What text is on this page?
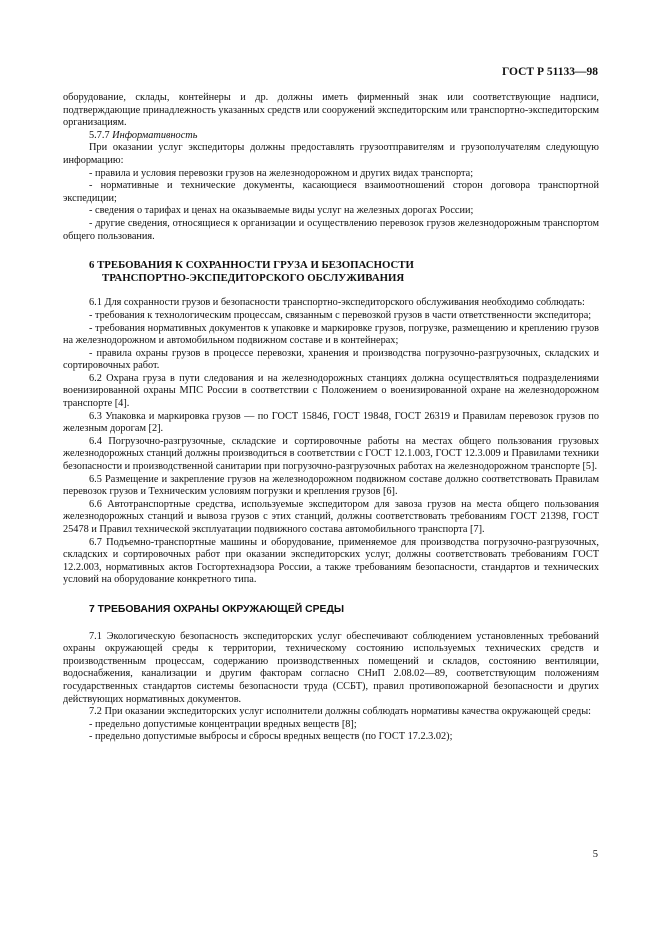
ГОСТ Р 51133—98

оборудование, склады, контейнеры и др. должны иметь фирменный знак или соответствующие надписи, подтверждающие принадлежность указанных средств или сооружений экспедиторским или транспортно-экспедиторским организациям.

5.7.7 Информативность

При оказании услуг экспедиторы должны предоставлять грузоотправителям и грузополучателям следующую информацию:

- правила и условия перевозки грузов на железнодорожном и других видах транспорта;

- нормативные и технические документы, касающиеся взаимоотношений сторон договора транспортной экспедиции;

- сведения о тарифах и ценах на оказываемые виды услуг на железных дорогах России;

- другие сведения, относящиеся к организации и осуществлению перевозок грузов железнодорожным транспортом общего пользования.

6 ТРЕБОВАНИЯ К СОХРАННОСТИ ГРУЗА И БЕЗОПАСНОСТИ
ТРАНСПОРТНО-ЭКСПЕДИТОРСКОГО ОБСЛУЖИВАНИЯ

6.1 Для сохранности грузов и безопасности транспортно-экспедиторского обслуживания необходимо соблюдать:

- требования к технологическим процессам, связанным с перевозкой грузов в части ответственности экспедитора;

- требования нормативных документов к упаковке и маркировке грузов, погрузке, размещению и креплению грузов на железнодорожном и автомобильном подвижном составе и в контейнерах;

- правила охраны грузов в процессе перевозки, хранения и производства погрузочно-разгрузочных, складских и сортировочных работ.

6.2 Охрана груза в пути следования и на железнодорожных станциях должна осуществляться подразделениями военизированной охраны МПС России в соответствии с Положением о военизированной охране на железнодорожном транспорте [4].

6.3 Упаковка и маркировка грузов — по ГОСТ 15846, ГОСТ 19848, ГОСТ 26319 и Правилам перевозок грузов по железным дорогам [2].

6.4 Погрузочно-разгрузочные, складские и сортировочные работы на местах общего пользования грузовых железнодорожных станций должны производиться в соответствии с ГОСТ 12.1.003, ГОСТ 12.3.009 и Правилами техники безопасности и производственной санитарии при погрузочно-разгрузочных работах на железнодорожном транспорте [5].

6.5 Размещение и закрепление грузов на железнодорожном подвижном составе должно соответствовать Правилам перевозок грузов и Техническим условиям погрузки и крепления грузов [6].

6.6 Автотранспортные средства, используемые экспедитором для завоза грузов на места общего пользования железнодорожных станций и вывоза грузов с этих станций, должны соответствовать требованиям ГОСТ 21398, ГОСТ 25478 и Правил технической эксплуатации подвижного состава автомобильного транспорта [7].

6.7 Подъемно-транспортные машины и оборудование, применяемое для производства погрузочно-разгрузочных, складских и сортировочных работ при оказании экспедиторских услуг, должны соответствовать требованиям ГОСТ 12.2.003, нормативных актов Госгортехнадзора России, а также требованиям безопасности, стандартов и технических условий на оборудование конкретного типа.

7 ТРЕБОВАНИЯ ОХРАНЫ ОКРУЖАЮЩЕЙ СРЕДЫ

7.1 Экологическую безопасность экспедиторских услуг обеспечивают соблюдением установленных требований охраны окружающей среды к территории, техническому состоянию используемых технических средств и производственным процессам, содержанию производственных помещений и складов, состоянию вентиляции, водоснабжения, канализации и другим факторам согласно СНиП 2.08.02—89, соответствующим положениям государственных стандартов системы безопасности труда (ССБТ), правил противопожарной безопасности и других действующих нормативных документов.

7.2 При оказании экспедиторских услуг исполнители должны соблюдать нормативы качества окружающей среды:

- предельно допустимые концентрации вредных веществ [8];

- предельно допустимые выбросы и сбросы вредных веществ (по ГОСТ 17.2.3.02);

5
